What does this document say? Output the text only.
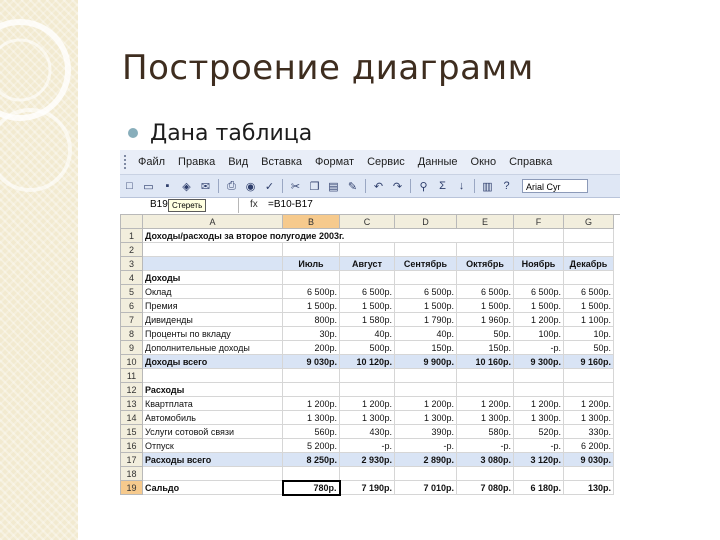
Построение диаграмм
Дана таблица
Файл Правка Вид Вставка Формат Сервис Данные Окно Справка
□ ▭	▪	◈ ✉ ⎙ ◉ ✓ ✂ ❐ ▤ ✎ ↶ ↷	⚲	Σ	↓	▥ ?	Arial Cyr
B19 Стереть	fx =B10-B17
	A	B	C	D	E	F	G
1	Доходы/расходы за второе полугодие 2003г.						
2							
3		Июль	Август	Сентябрь	Октябрь	Ноябрь	Декабрь
4	Доходы						
5	Оклад	6 500р.	6 500р.	6 500р.	6 500р.	6 500р.	6 500р.
6	Премия	1 500р.	1 500р.	1 500р.	1 500р.	1 500р.	1 500р.
7	Дивиденды	800р.	1 580р.	1 790р.	1 960р.	1 200р.	1 100р.
8	Проценты по вкладу	30р.	40р.	40р.	50р.	100р.	10р.
9	Дополнительные доходы	200р.	500р.	150р.	150р.	-р.	50р.
10	Доходы всего	9 030р.	10 120р.	9 900р.	10 160р.	9 300р.	9 160р.
11							
12	Расходы						
13	Квартплата	1 200р.	1 200р.	1 200р.	1 200р.	1 200р.	1 200р.
14	Автомобиль	1 300р.	1 300р.	1 300р.	1 300р.	1 300р.	1 300р.
15	Услуги сотовой связи	560р.	430р.	390р.	580р.	520р.	330р.
16	Отпуск	5 200р.	-р.	-р.	-р.	-р.	6 200р.
17	Расходы всего	8 250р.	2 930р.	2 890р.	3 080р.	3 120р.	9 030р.
18							
19	Сальдо	780р.	7 190р.	7 010р.	7 080р.	6 180р.	130р.
